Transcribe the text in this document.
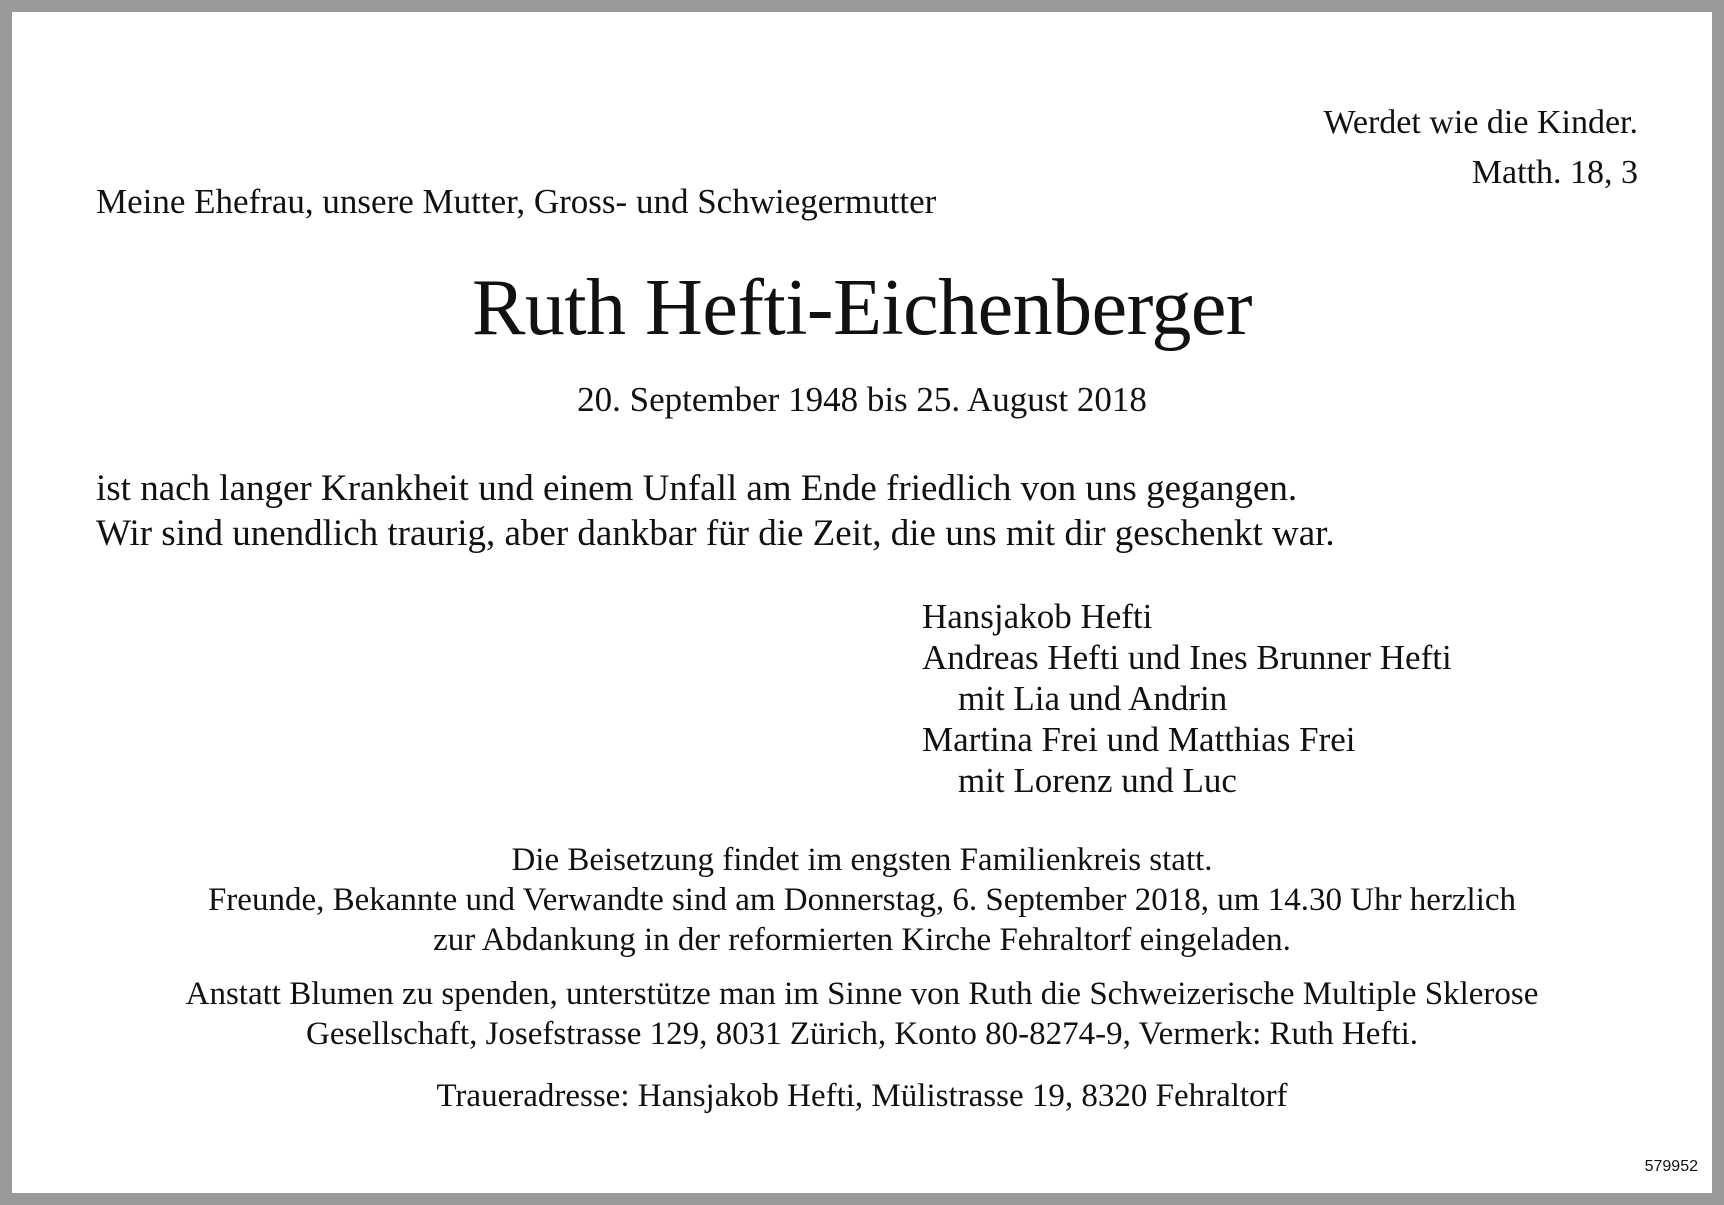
Werdet wie die Kinder.
Matth. 18, 3
Meine Ehefrau, unsere Mutter, Gross- und Schwiegermutter
Ruth Hefti-Eichenberger
20. September 1948 bis 25. August 2018
ist nach langer Krankheit und einem Unfall am Ende friedlich von uns gegangen.
Wir sind unendlich traurig, aber dankbar für die Zeit, die uns mit dir geschenkt war.
Hansjakob Hefti
Andreas Hefti und Ines Brunner Hefti
mit Lia und Andrin
Martina Frei und Matthias Frei
mit Lorenz und Luc
Die Beisetzung findet im engsten Familienkreis statt.
Freunde, Bekannte und Verwandte sind am Donnerstag, 6. September 2018, um 14.30 Uhr herzlich
zur Abdankung in der reformierten Kirche Fehraltorf eingeladen.
Anstatt Blumen zu spenden, unterstütze man im Sinne von Ruth die Schweizerische Multiple Sklerose
Gesellschaft, Josefstrasse 129, 8031 Zürich, Konto 80-8274-9, Vermerk: Ruth Hefti.
Traueradresse: Hansjakob Hefti, Mülistrasse 19, 8320 Fehraltorf
579952
